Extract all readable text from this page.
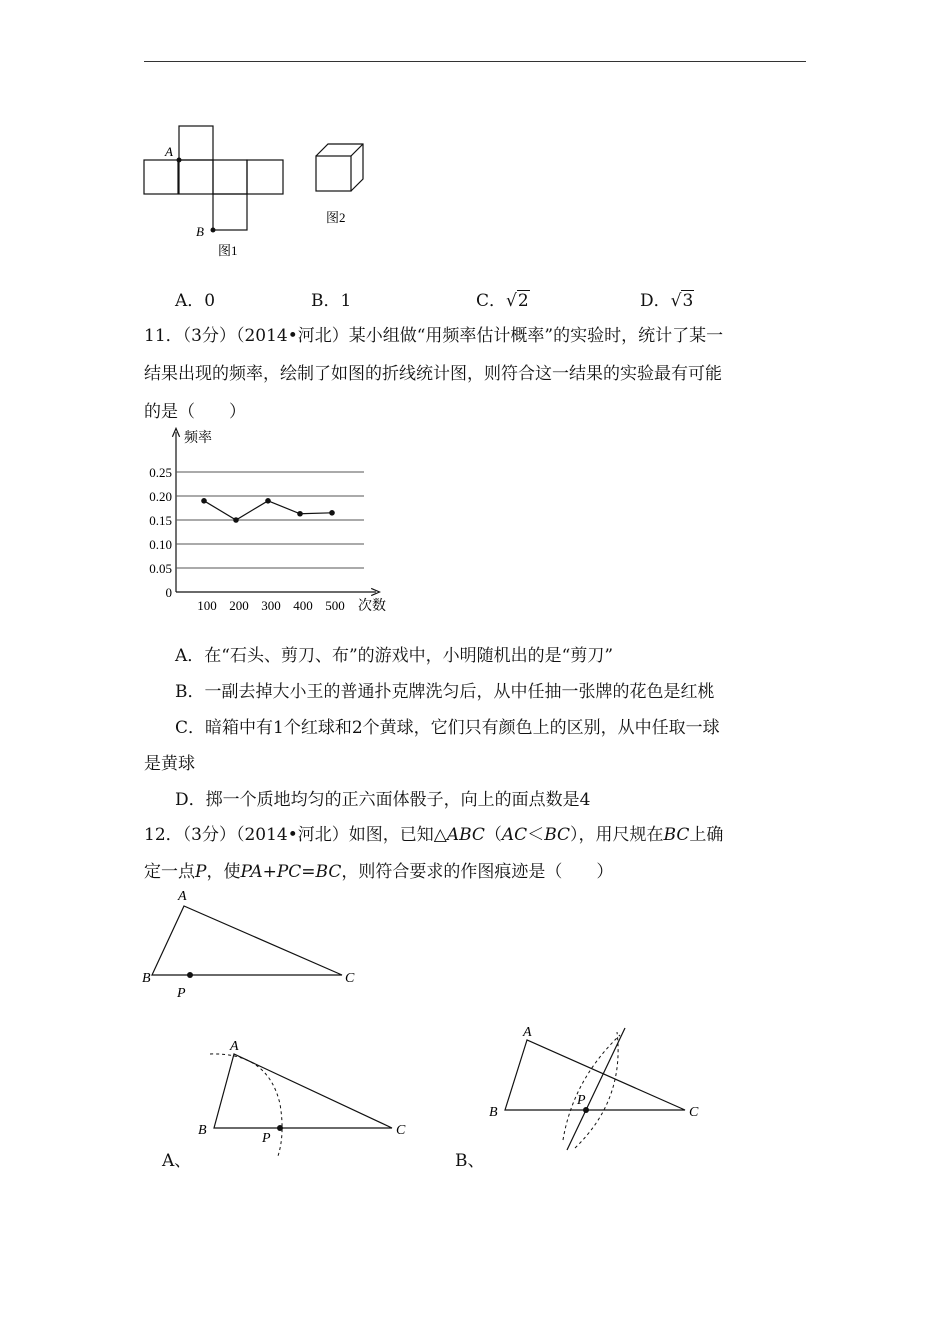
A
B
图1
图2
A．0	B．1	C．√2	D．√3
11．（3分）（2014•河北）某小组做“用频率估计概率”的实验时，统计了某一
结果出现的频率，绘制了如图的折线统计图，则符合这一结果的实验最有可能
的是（　　）
0
0.05
0.10
0.15
0.20
0.25
100 200 300 400 500
频率
次数
A．在“石头、剪刀、布”的游戏中，小明随机出的是“剪刀”
B．一副去掉大小王的普通扑克牌洗匀后，从中任抽一张牌的花色是红桃
C．暗箱中有1个红球和2个黄球，它们只有颜色上的区别，从中任取一球
是黄球
D．掷一个质地均匀的正六面体骰子，向上的面点数是4
12．（3分）（2014•河北）如图，已知△ABC（AC＜BC），用尺规在BC上确
定一点P，使PA+PC=BC，则符合要求的作图痕迹是（　　）
A
B	C
P
A
B	C
P
A、
A
B	C
P
B、
